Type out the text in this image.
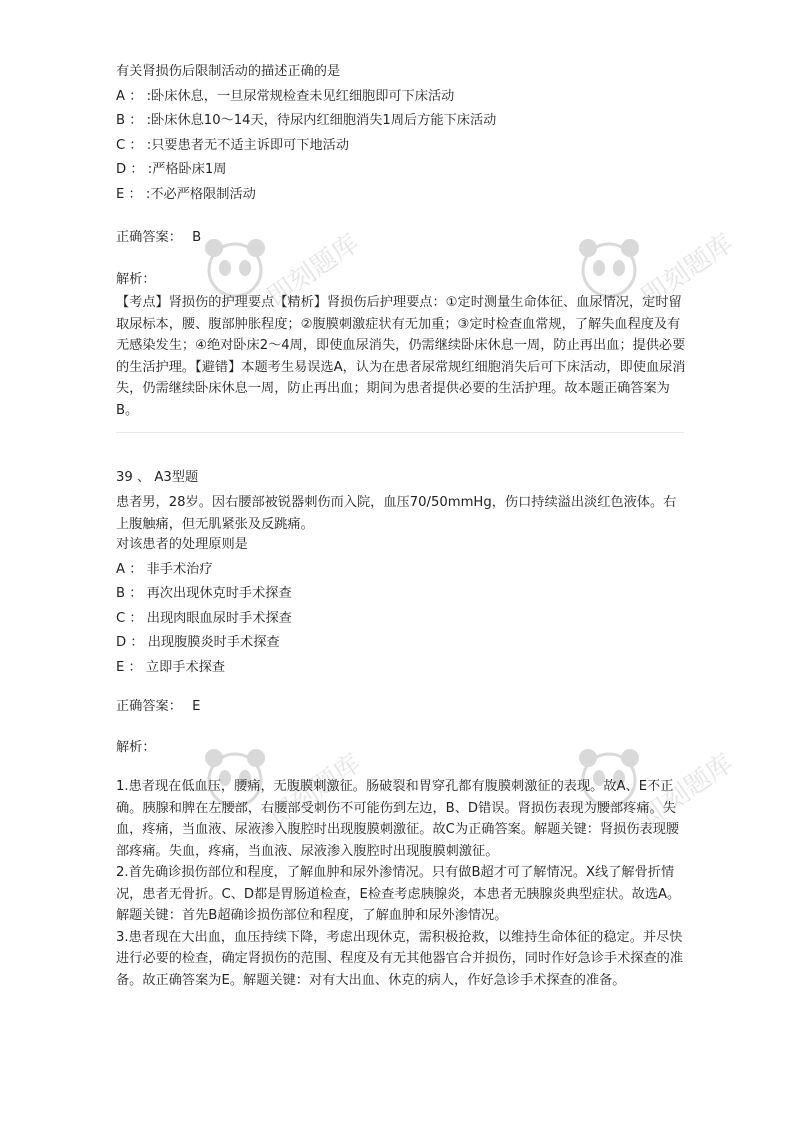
即刻题库	即刻题库
即刻题库	即刻题库
有关肾损伤后限制活动的描述正确的是
A ： :卧床休息，一旦尿常规检查未见红细胞即可下床活动
B ： :卧床休息10～14天，待尿内红细胞消失1周后方能下床活动
C ： :只要患者无不适主诉即可下地活动
D ： :严格卧床1周
E ： :不必严格限制活动
正确答案： B
解析：
【考点】肾损伤的护理要点【精析】肾损伤后护理要点：①定时测量生命体征、血尿情况，定时留取尿标本，腰、腹部肿胀程度；②腹膜刺激症状有无加重；③定时检查血常规，了解失血程度及有无感染发生；④绝对卧床2～4周，即使血尿消失，仍需继续卧床休息一周，防止再出血；提供必要的生活护理。【避错】本题考生易误选A，认为在患者尿常规红细胞消失后可下床活动，即使血尿消失，仍需继续卧床休息一周，防止再出血；期间为患者提供必要的生活护理。故本题正确答案为B。
39 、 A3型题
患者男，28岁。因右腰部被锐器刺伤而入院，血压70/50mmHg，伤口持续溢出淡红色液体。右上腹触痛，但无肌紧张及反跳痛。
对该患者的处理原则是
A ： 非手术治疗
B ： 再次出现休克时手术探查
C ： 出现肉眼血尿时手术探查
D ： 出现腹膜炎时手术探查
E ： 立即手术探查
正确答案： E
解析：
1.患者现在低血压，腰痛，无腹膜刺激征。肠破裂和胃穿孔都有腹膜刺激征的表现。故A、E不正确。胰腺和脾在左腰部，右腰部受刺伤不可能伤到左边，B、D错误。肾损伤表现为腰部疼痛。失血，疼痛，当血液、尿液渗入腹腔时出现腹膜刺激征。故C为正确答案。解题关键：肾损伤表现腰部疼痛。失血，疼痛，当血液、尿液渗入腹腔时出现腹膜刺激征。
2.首先确诊损伤部位和程度，了解血肿和尿外渗情况。只有做B超才可了解情况。X线了解骨折情况，患者无骨折。C、D都是胃肠道检查，E检查考虑胰腺炎，本患者无胰腺炎典型症状。故选A。解题关键：首先B超确诊损伤部位和程度，了解血肿和尿外渗情况。
3.患者现在大出血，血压持续下降，考虑出现休克，需积极抢救，以维持生命体征的稳定。并尽快进行必要的检查，确定肾损伤的范围、程度及有无其他器官合并损伤，同时作好急诊手术探查的准备。故正确答案为E。解题关键：对有大出血、休克的病人，作好急诊手术探查的准备。
